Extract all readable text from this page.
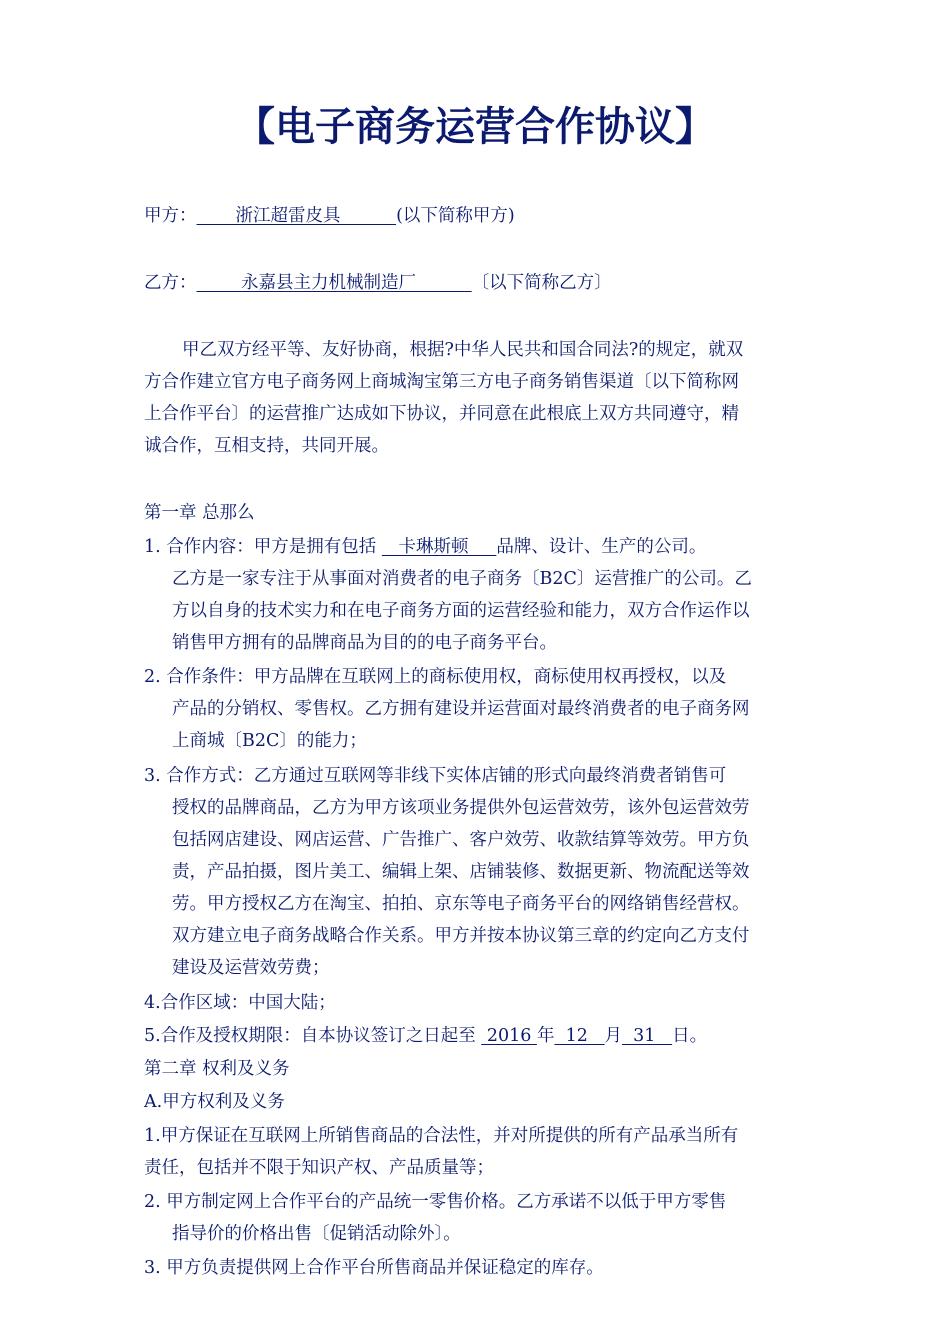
【电子商务运营合作协议】
甲方：       浙江超雷皮具          (以下简称甲方)
乙方：        永嘉县主力机械制造厂          〔以下简称乙方〕
甲乙双方经平等、友好协商，根据?中华人民共和国合同法?的规定，就双
方合作建立官方电子商务网上商城淘宝第三方电子商务销售渠道〔以下简称网
上合作平台〕的运营推广达成如下协议，并同意在此根底上双方共同遵守，精
诚合作，互相支持，共同开展。
第一章 总那么
1. 合作内容：甲方是拥有包括    卡琳斯顿     品牌、设计、生产的公司。
乙方是一家专注于从事面对消费者的电子商务〔B2C〕运营推广的公司。乙
方以自身的技术实力和在电子商务方面的运营经验和能力，双方合作运作以
销售甲方拥有的品牌商品为目的的电子商务平台。
2. 合作条件：甲方品牌在互联网上的商标使用权，商标使用权再授权，以及
产品的分销权、零售权。乙方拥有建设并运营面对最终消费者的电子商务网
上商城〔B2C〕的能力；
3. 合作方式：乙方通过互联网等非线下实体店铺的形式向最终消费者销售可
授权的品牌商品，乙方为甲方该项业务提供外包运营效劳，该外包运营效劳
包括网店建设、网店运营、广告推广、客户效劳、收款结算等效劳。甲方负
责，产品拍摄，图片美工、编辑上架、店铺装修、数据更新、物流配送等效
劳。甲方授权乙方在淘宝、拍拍、京东等电子商务平台的网络销售经营权。
双方建立电子商务战略合作关系。甲方并按本协议第三章的约定向乙方支付
建设及运营效劳费；
4.合作区域：中国大陆；
5.合作及授权期限：自本协议签订之日起至  2016 年  12   月  31   日。
第二章 权利及义务
A.甲方权利及义务
1.甲方保证在互联网上所销售商品的合法性，并对所提供的所有产品承当所有
责任，包括并不限于知识产权、产品质量等；
2. 甲方制定网上合作平台的产品统一零售价格。乙方承诺不以低于甲方零售
指导价的价格出售〔促销活动除外〕。
3. 甲方负责提供网上合作平台所售商品并保证稳定的库存。
